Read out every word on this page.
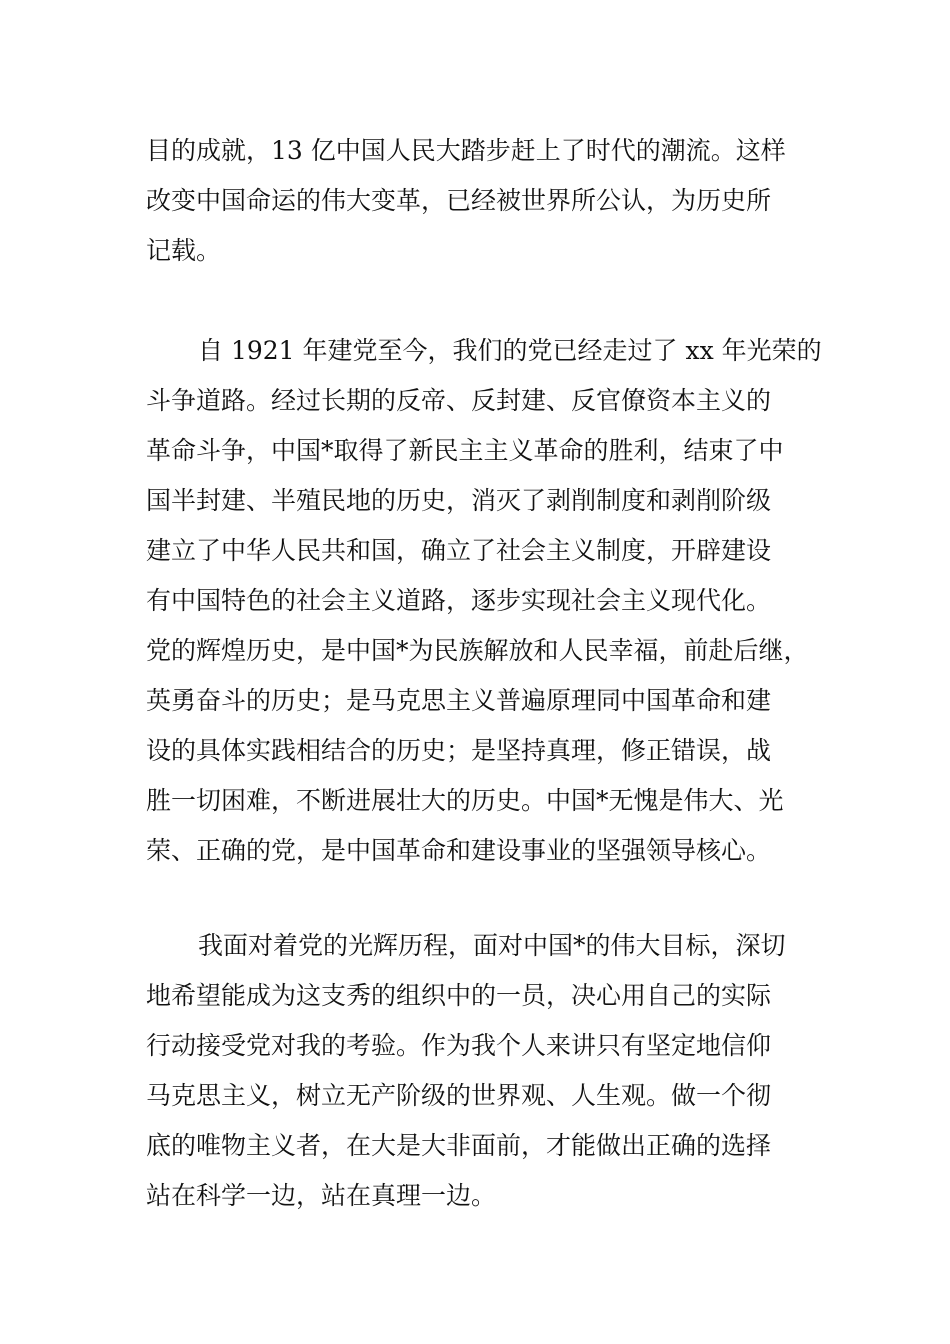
目的成就，13 亿中国人民大踏步赶上了时代的潮流。这样
改变中国命运的伟大变革，已经被世界所公认，为历史所
记载。
自 1921 年建党至今，我们的党已经走过了 xx 年光荣的
斗争道路。经过长期的反帝、反封建、反官僚资本主义的
革命斗争，中国*取得了新民主主义革命的胜利，结束了中
国半封建、半殖民地的历史，消灭了剥削制度和剥削阶级
建立了中华人民共和国，确立了社会主义制度，开辟建设
有中国特色的社会主义道路，逐步实现社会主义现代化。
党的辉煌历史，是中国*为民族解放和人民幸福，前赴后继，
英勇奋斗的历史；是马克思主义普遍原理同中国革命和建
设的具体实践相结合的历史；是坚持真理，修正错误，战
胜一切困难，不断进展壮大的历史。中国*无愧是伟大、光
荣、正确的党，是中国革命和建设事业的坚强领导核心。
我面对着党的光辉历程，面对中国*的伟大目标，深切
地希望能成为这支秀的组织中的一员，决心用自己的实际
行动接受党对我的考验。作为我个人来讲只有坚定地信仰
马克思主义，树立无产阶级的世界观、人生观。做一个彻
底的唯物主义者，在大是大非面前，才能做出正确的选择
站在科学一边，站在真理一边。
